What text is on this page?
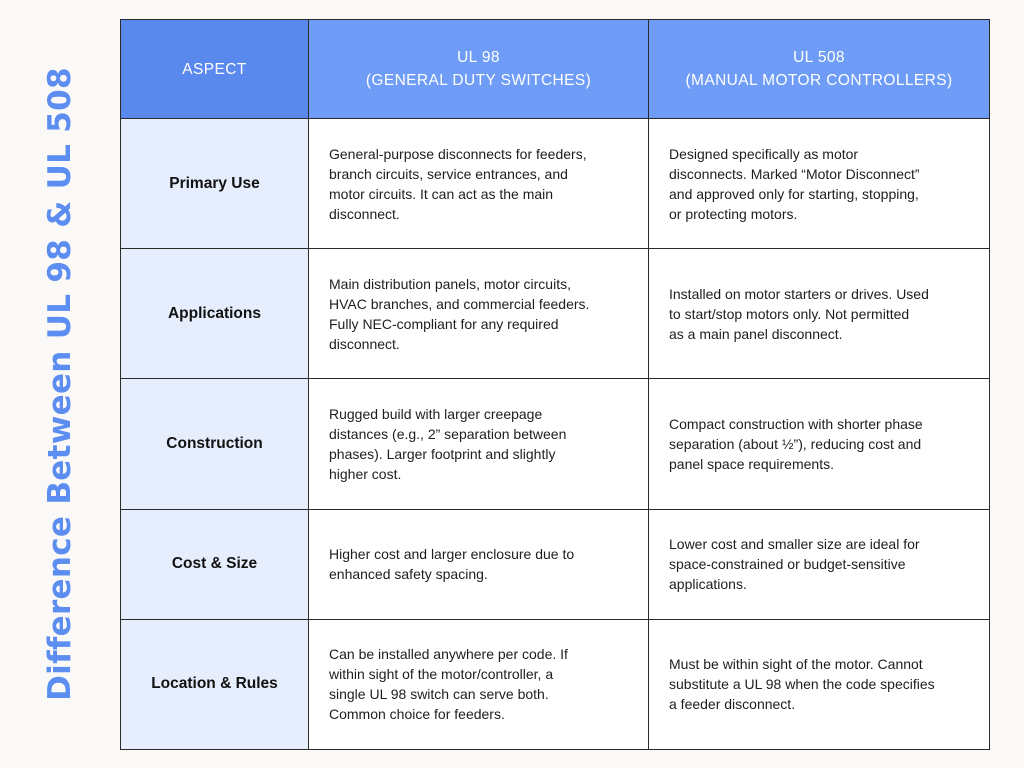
Difference Between UL 98 & UL 508	ASPECT	UL 98
(GENERAL DUTY SWITCHES)	UL 508
(MANUAL MOTOR CONTROLLERS)

Primary Use	General-purpose disconnects for feeders,
branch circuits, service entrances, and
motor circuits. It can act as the main
disconnect.	Designed specifically as motor
disconnects. Marked “Motor Disconnect”
and approved only for starting, stopping,
or protecting motors.

Applications	Main distribution panels, motor circuits,
HVAC branches, and commercial feeders.
Fully NEC-compliant for any required
disconnect.	Installed on motor starters or drives. Used
to start/stop motors only. Not permitted
as a main panel disconnect.

Construction	Rugged build with larger creepage
distances (e.g., 2” separation between
phases). Larger footprint and slightly
higher cost.	Compact construction with shorter phase
separation (about ½”), reducing cost and
panel space requirements.

Cost & Size	Higher cost and larger enclosure due to
enhanced safety spacing.	Lower cost and smaller size are ideal for
space-constrained or budget-sensitive
applications.

Location & Rules	Can be installed anywhere per code. If
within sight of the motor/controller, a
single UL 98 switch can serve both.
Common choice for feeders.	Must be within sight of the motor. Cannot
substitute a UL 98 when the code specifies
a feeder disconnect.
